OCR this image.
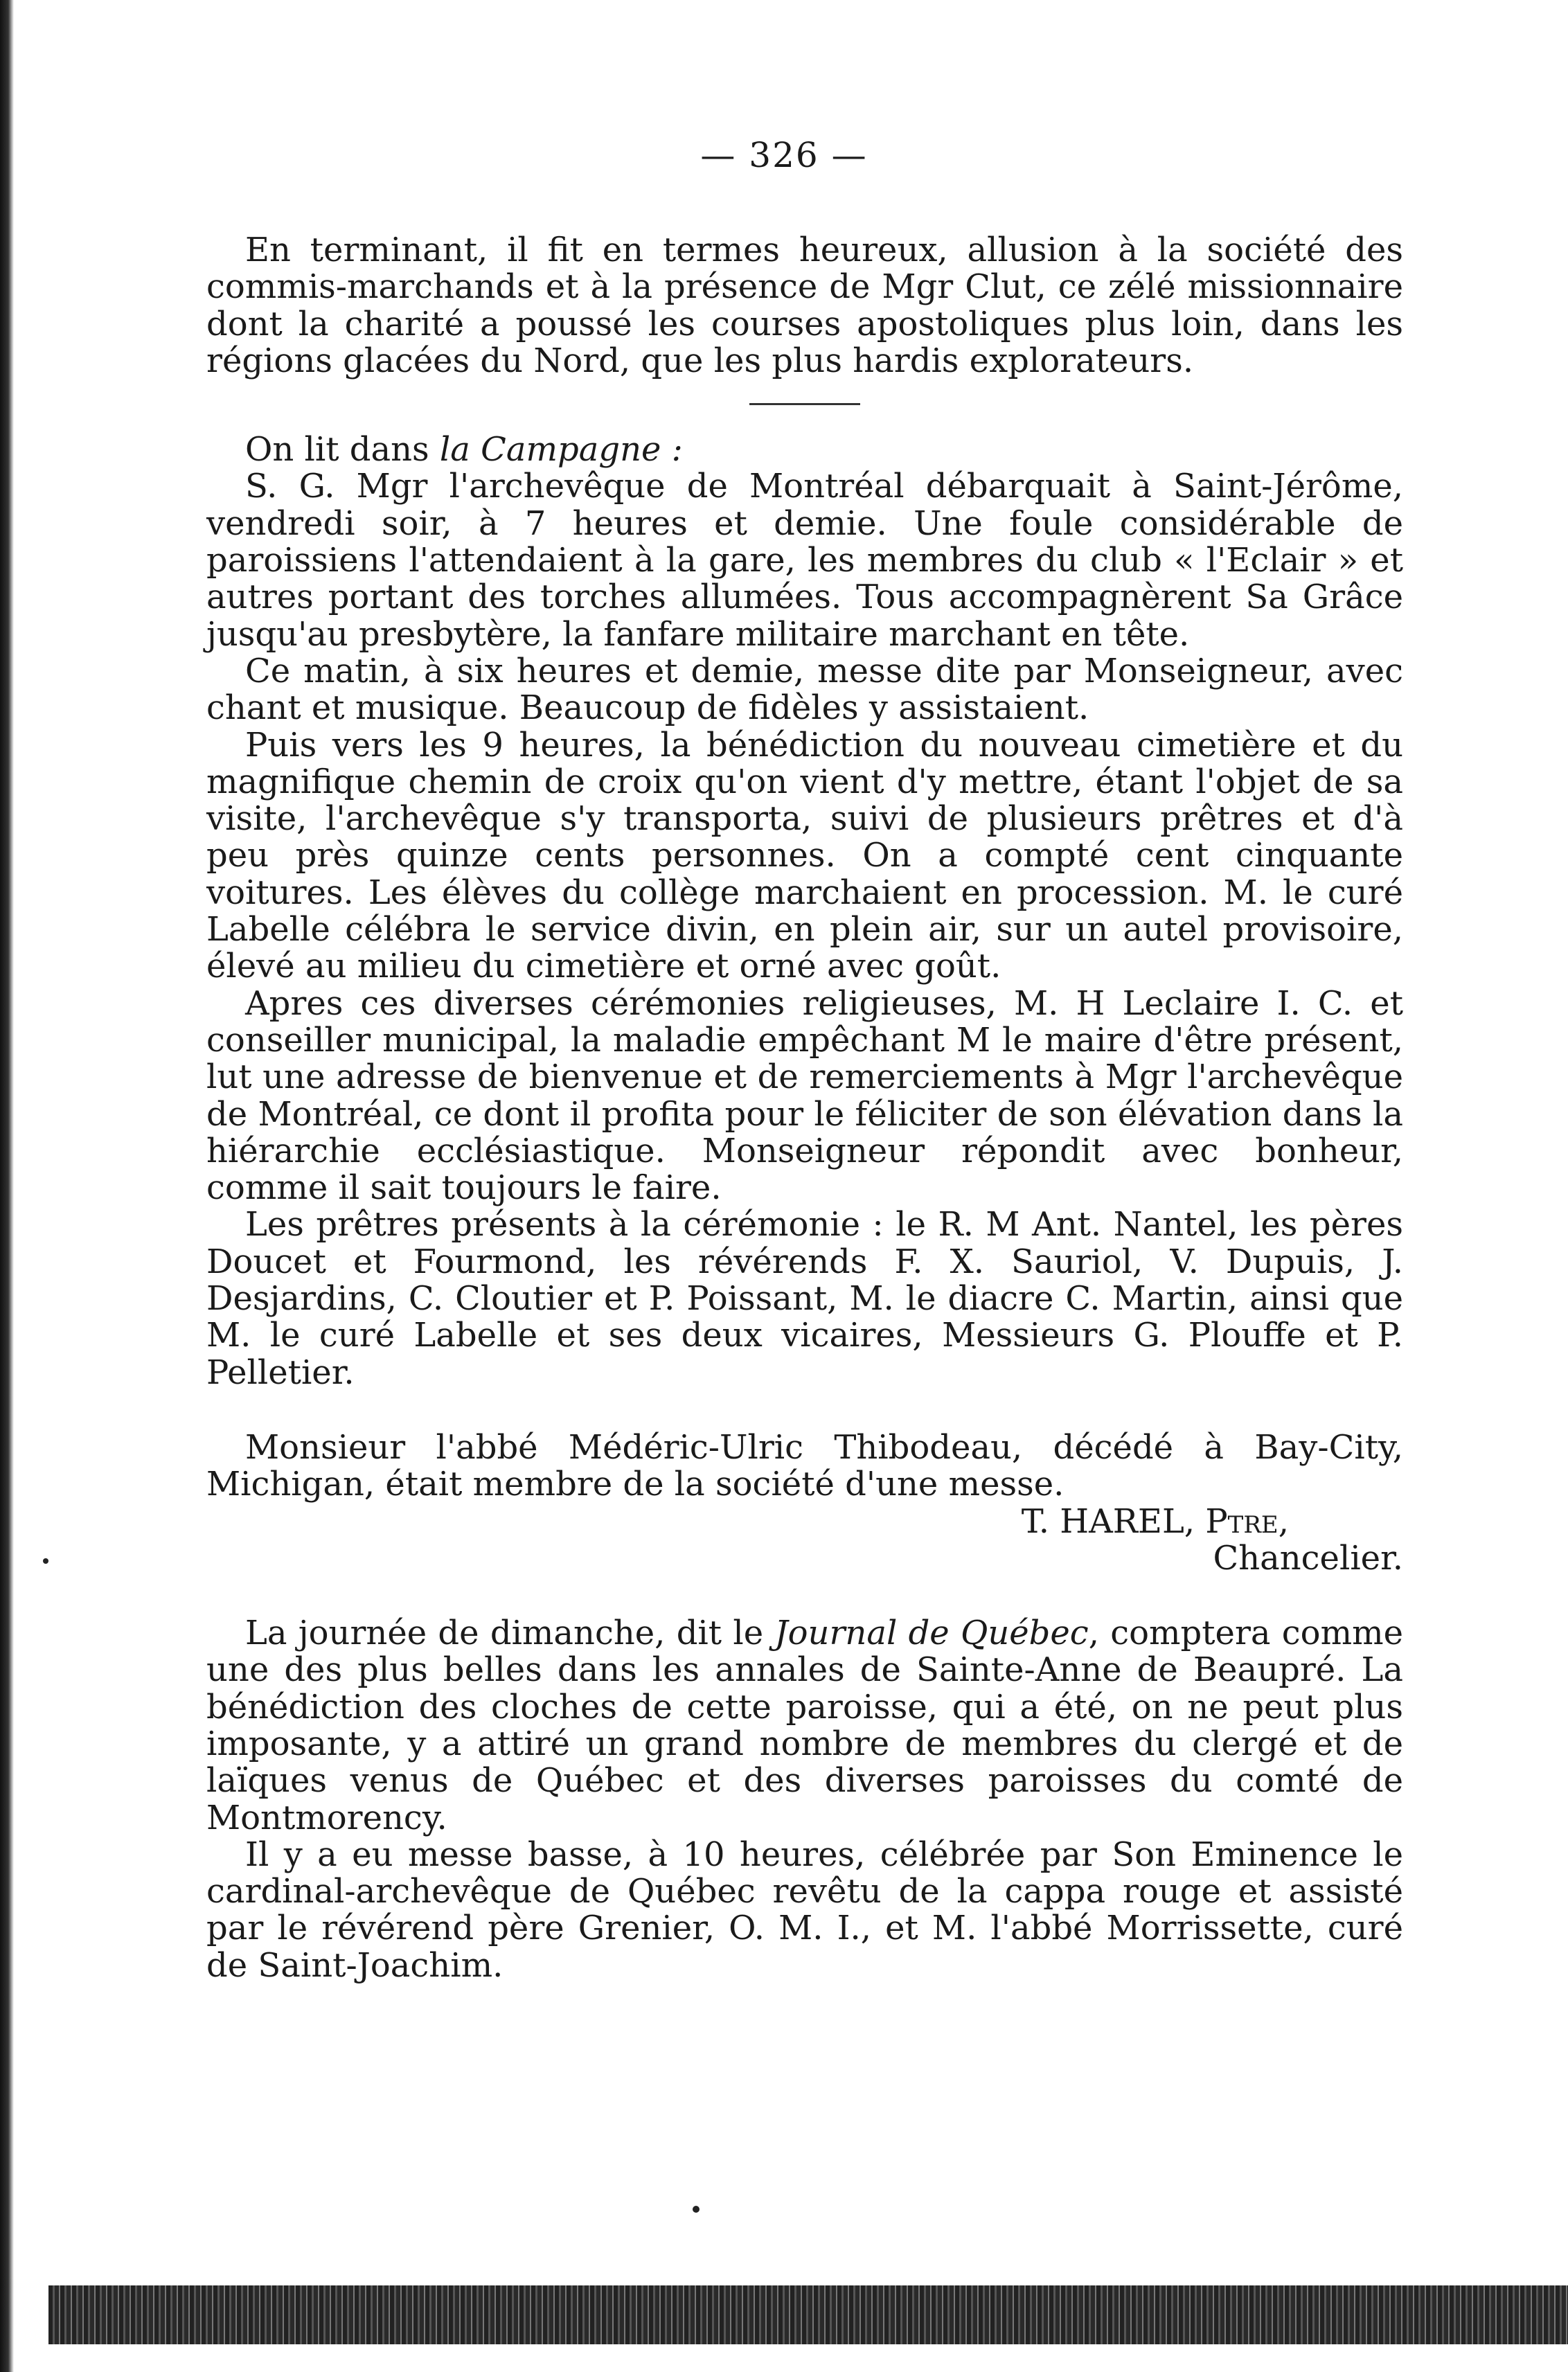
— 326 —

En terminant, il fit en termes heureux, allusion à la société des commis-marchands et à la présence de Mgr Clut, ce zélé missionnaire dont la charité a poussé les courses apostoliques plus loin, dans les régions glacées du Nord, que les plus hardis explorateurs.

On lit dans la Campagne :

S. G. Mgr l'archevêque de Montréal débarquait à Saint-Jérôme, vendredi soir, à 7 heures et demie. Une foule considérable de paroissiens l'attendaient à la gare, les membres du club « l'Eclair » et autres portant des torches allumées. Tous accompagnèrent Sa Grâce jusqu'au presbytère, la fanfare militaire marchant en tête.

Ce matin, à six heures et demie, messe dite par Monseigneur, avec chant et musique. Beaucoup de fidèles y assistaient.

Puis vers les 9 heures, la bénédiction du nouveau cimetière et du magnifique chemin de croix qu'on vient d'y mettre, étant l'objet de sa visite, l'archevêque s'y transporta, suivi de plusieurs prêtres et d'à peu près quinze cents personnes. On a compté cent cinquante voitures. Les élèves du collège marchaient en procession. M. le curé Labelle célébra le service divin, en plein air, sur un autel provisoire, élevé au milieu du cimetière et orné avec goût.

Apres ces diverses cérémonies religieuses, M. H Leclaire I. C. et conseiller municipal, la maladie empêchant M le maire d'être présent, lut une adresse de bienvenue et de remerciements à Mgr l'archevêque de Montréal, ce dont il profita pour le féliciter de son élévation dans la hiérarchie ecclésiastique. Monseigneur répondit avec bonheur, comme il sait toujours le faire.

Les prêtres présents à la cérémonie : le R. M Ant. Nantel, les pères Doucet et Fourmond, les révérends F. X. Sauriol, V. Dupuis, J. Desjardins, C. Cloutier et P. Poissant, M. le diacre C. Martin, ainsi que M. le curé Labelle et ses deux vicaires, Messieurs G. Plouffe et P. Pelletier.

Monsieur l'abbé Médéric-Ulric Thibodeau, décédé à Bay-City, Michigan, était membre de la société d'une messe.

T. HAREL, Ptre,

Chancelier.

La journée de dimanche, dit le Journal de Québec, comptera comme une des plus belles dans les annales de Sainte-Anne de Beaupré. La bénédiction des cloches de cette paroisse, qui a été, on ne peut plus imposante, y a attiré un grand nombre de membres du clergé et de laïques venus de Québec et des diverses paroisses du comté de Montmorency.

Il y a eu messe basse, à 10 heures, célébrée par Son Eminence le cardinal-archevêque de Québec revêtu de la cappa rouge et assisté par le révérend père Grenier, O. M. I., et M. l'abbé Morrissette, curé de Saint-Joachim.
